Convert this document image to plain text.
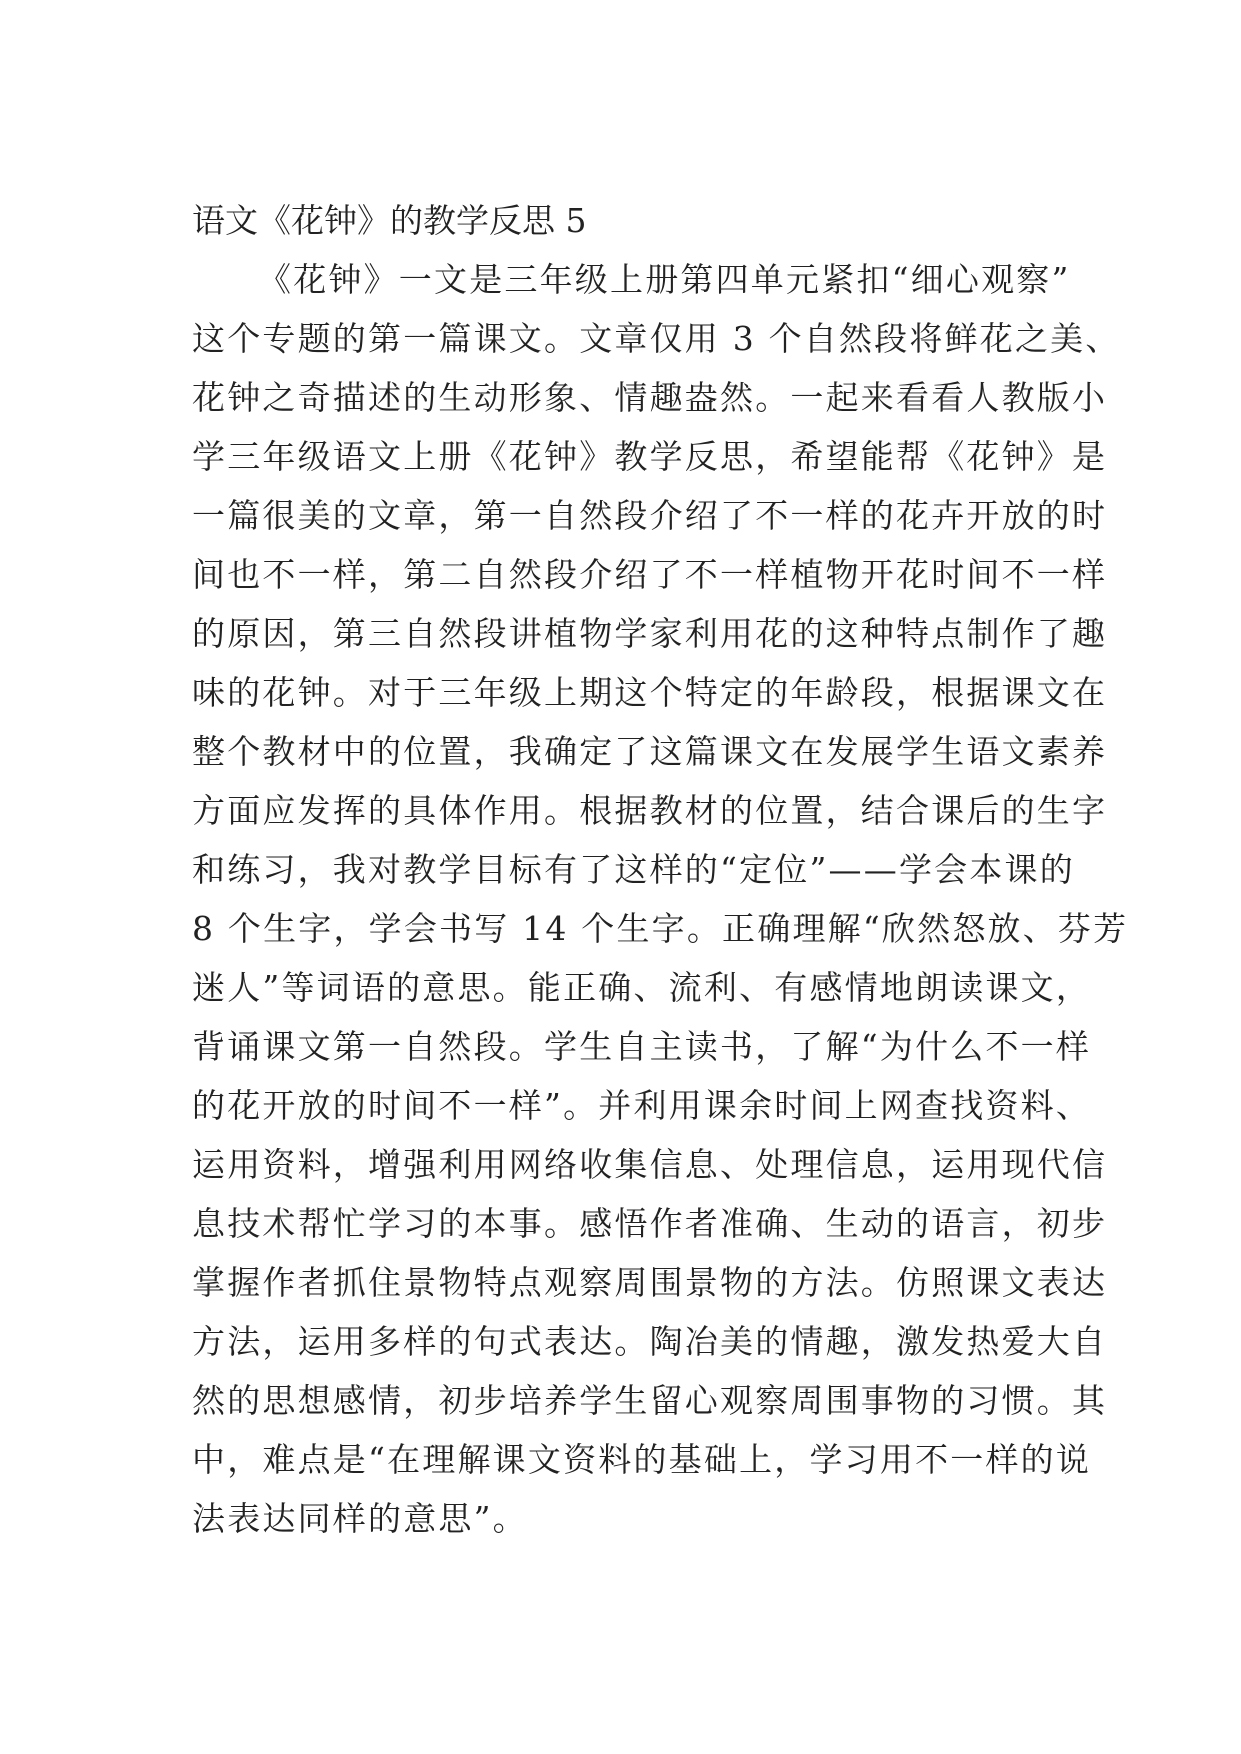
语文《花钟》的教学反思 5
《花钟》一文是三年级上册第四单元紧扣“细心观察”
这个专题的第一篇课文。文章仅用 3 个自然段将鲜花之美、
花钟之奇描述的生动形象、情趣盎然。一起来看看人教版小
学三年级语文上册《花钟》教学反思，希望能帮《花钟》是
一篇很美的文章，第一自然段介绍了不一样的花卉开放的时
间也不一样，第二自然段介绍了不一样植物开花时间不一样
的原因，第三自然段讲植物学家利用花的这种特点制作了趣
味的花钟。对于三年级上期这个特定的年龄段，根据课文在
整个教材中的位置，我确定了这篇课文在发展学生语文素养
方面应发挥的具体作用。根据教材的位置，结合课后的生字
和练习，我对教学目标有了这样的“定位”——学会本课的
8 个生字，学会书写 14 个生字。正确理解“欣然怒放、芬芳
迷人”等词语的意思。能正确、流利、有感情地朗读课文，
背诵课文第一自然段。学生自主读书，了解“为什么不一样
的花开放的时间不一样”。并利用课余时间上网查找资料、
运用资料，增强利用网络收集信息、处理信息，运用现代信
息技术帮忙学习的本事。感悟作者准确、生动的语言，初步
掌握作者抓住景物特点观察周围景物的方法。仿照课文表达
方法，运用多样的句式表达。陶冶美的情趣，激发热爱大自
然的思想感情，初步培养学生留心观察周围事物的习惯。其
中，难点是“在理解课文资料的基础上，学习用不一样的说
法表达同样的意思”。
